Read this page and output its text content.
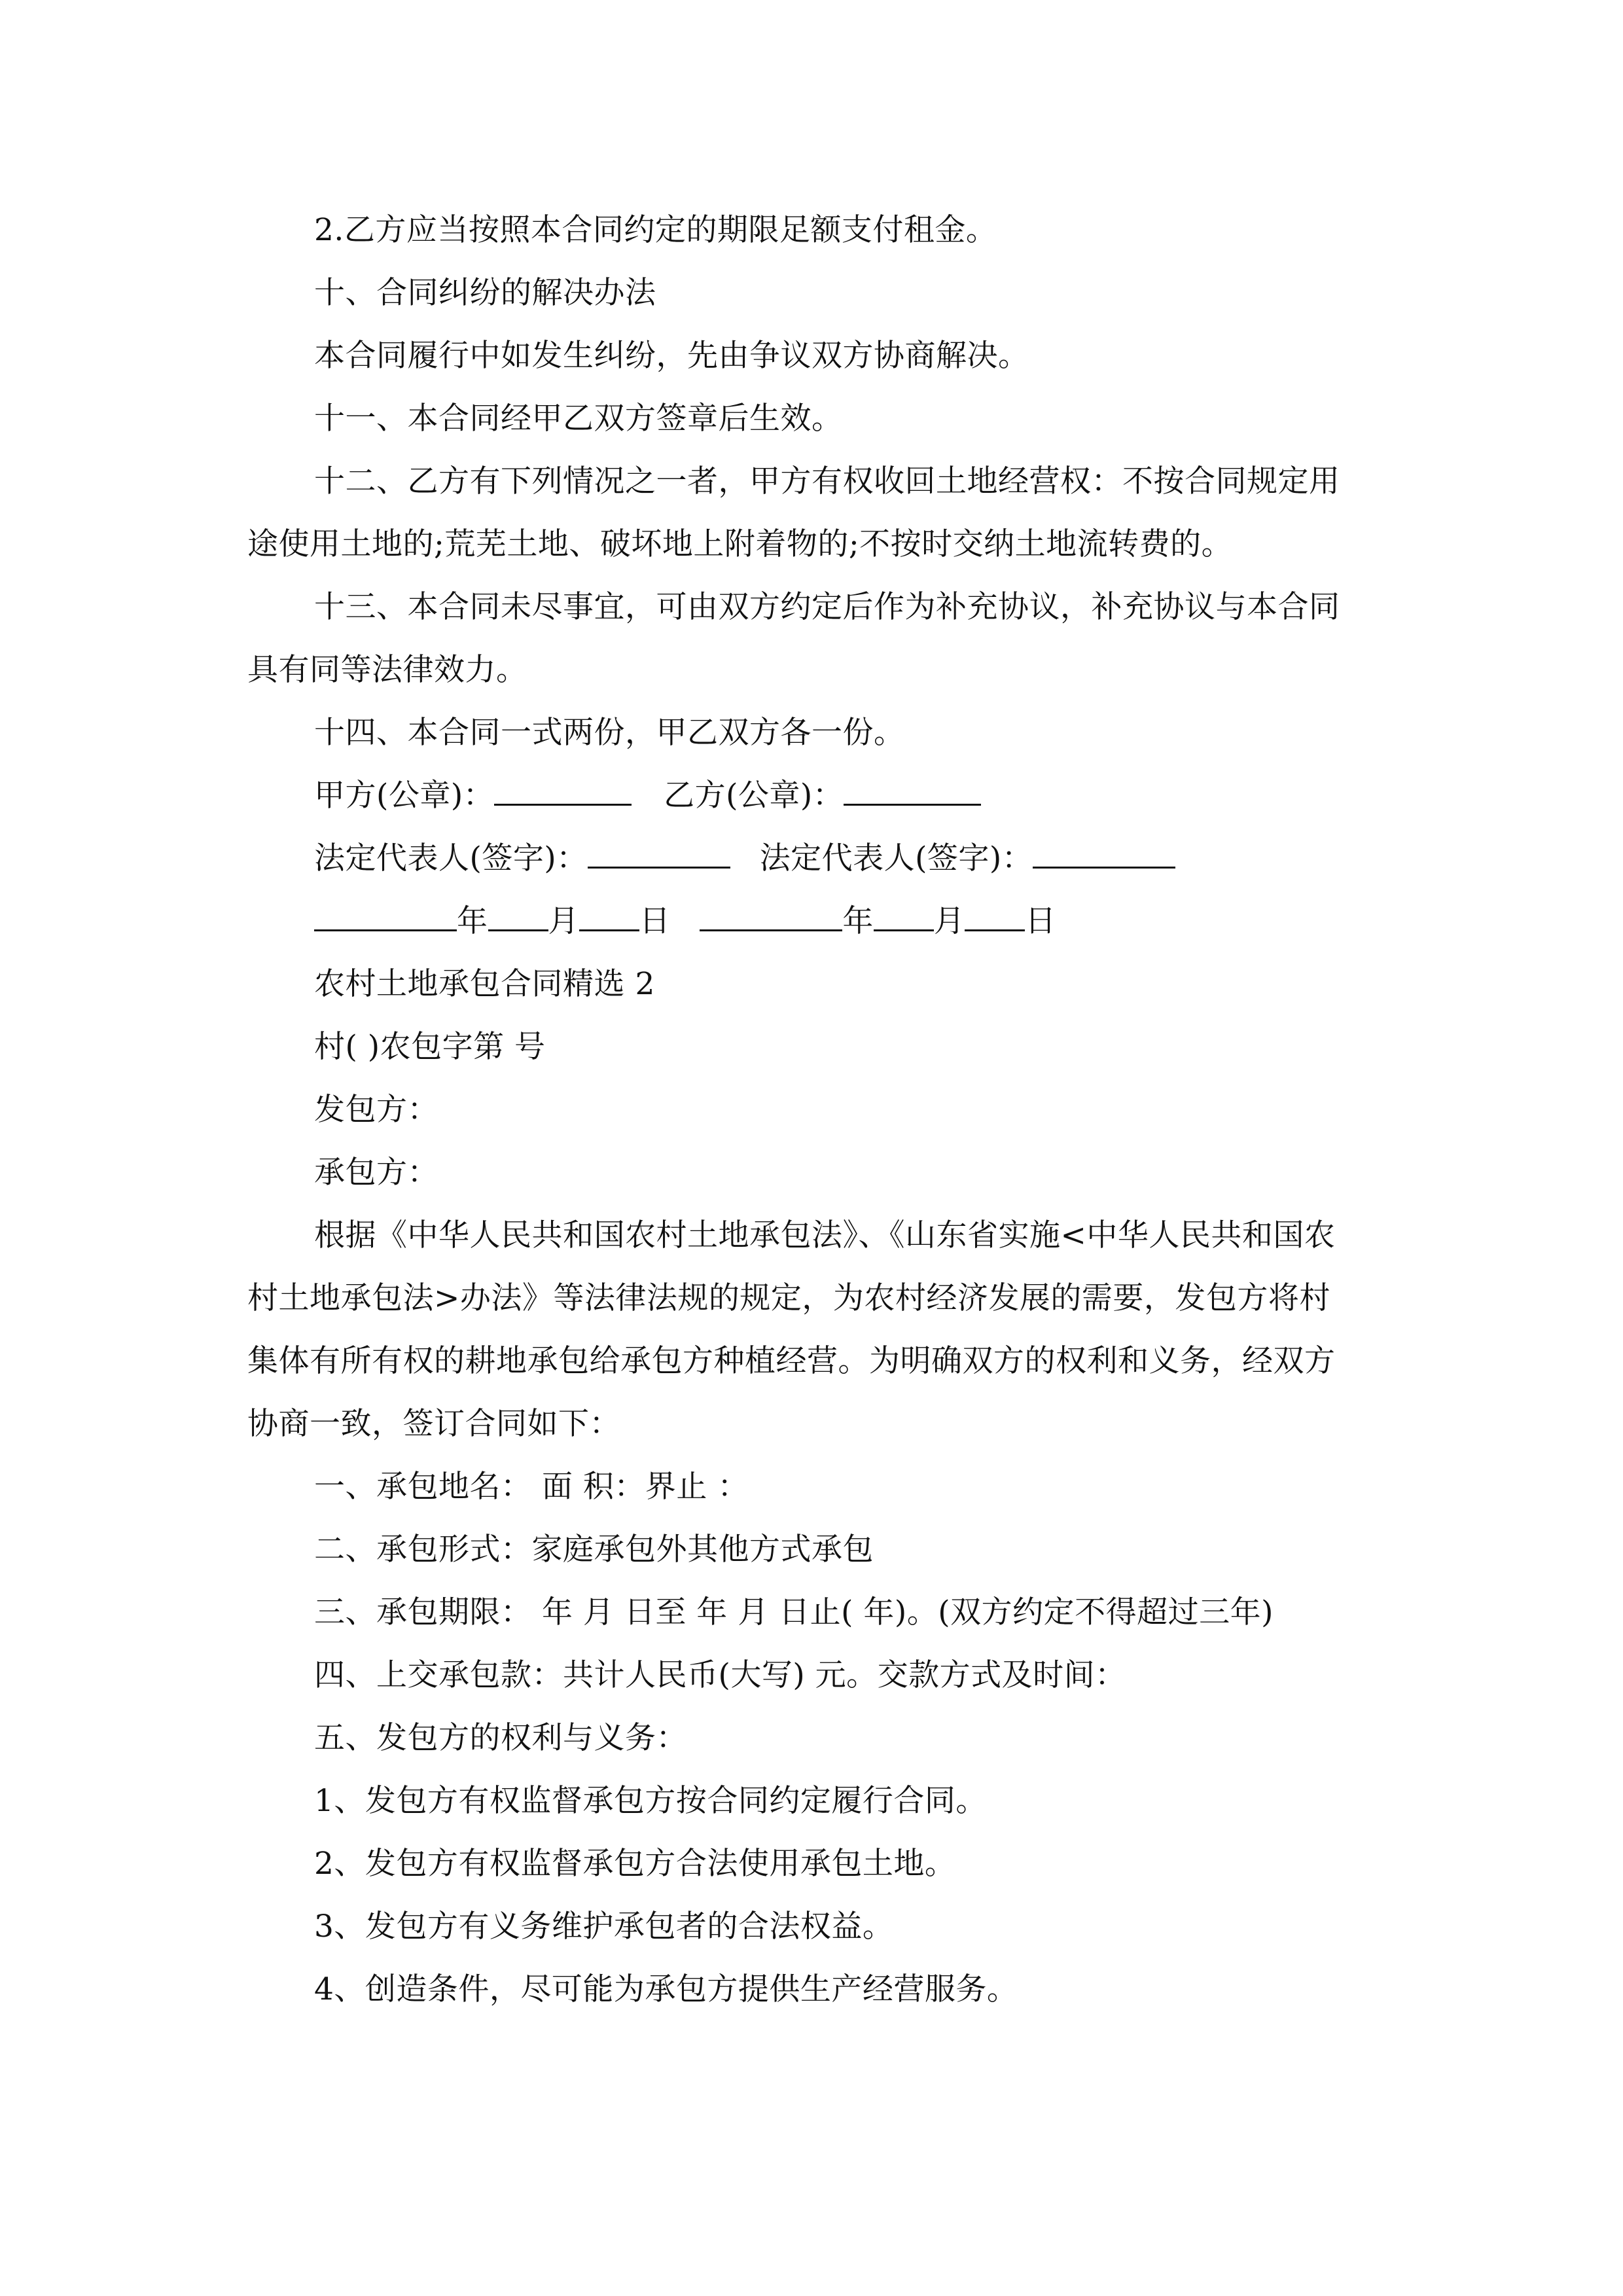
2.乙方应当按照本合同约定的期限足额支付租金。
十、合同纠纷的解决办法
本合同履行中如发生纠纷，先由争议双方协商解决。
十一、本合同经甲乙双方签章后生效。
十二、乙方有下列情况之一者，甲方有权收回土地经营权：不按合同规定用
途使用土地的;荒芜土地、破坏地上附着物的;不按时交纳土地流转费的。
十三、本合同未尽事宜，可由双方约定后作为补充协议，补充协议与本合同
具有同等法律效力。
十四、本合同一式两份，甲乙双方各一份。
甲方(公章)：	乙方(公章)：
法定代表人(签字)：	法定代表人(签字)：
年 月 日	年 月 日
农村土地承包合同精选 2
村( )农包字第 号
发包方：
承包方：
根据《中华人民共和国农村土地承包法》、《山东省实施<中华人民共和国农
村土地承包法>办法》等法律法规的规定，为农村经济发展的需要，发包方将村
集体有所有权的耕地承包给承包方种植经营。为明确双方的权利和义务，经双方
协商一致，签订合同如下：
一、承包地名： 面 积：界止 ：
二、承包形式：家庭承包外其他方式承包
三、承包期限： 年 月 日至 年 月 日止( 年)。(双方约定不得超过三年)
四、上交承包款：共计人民币(大写) 元。交款方式及时间：
五、发包方的权利与义务：
1、发包方有权监督承包方按合同约定履行合同。
2、发包方有权监督承包方合法使用承包土地。
3、发包方有义务维护承包者的合法权益。
4、创造条件，尽可能为承包方提供生产经营服务。
